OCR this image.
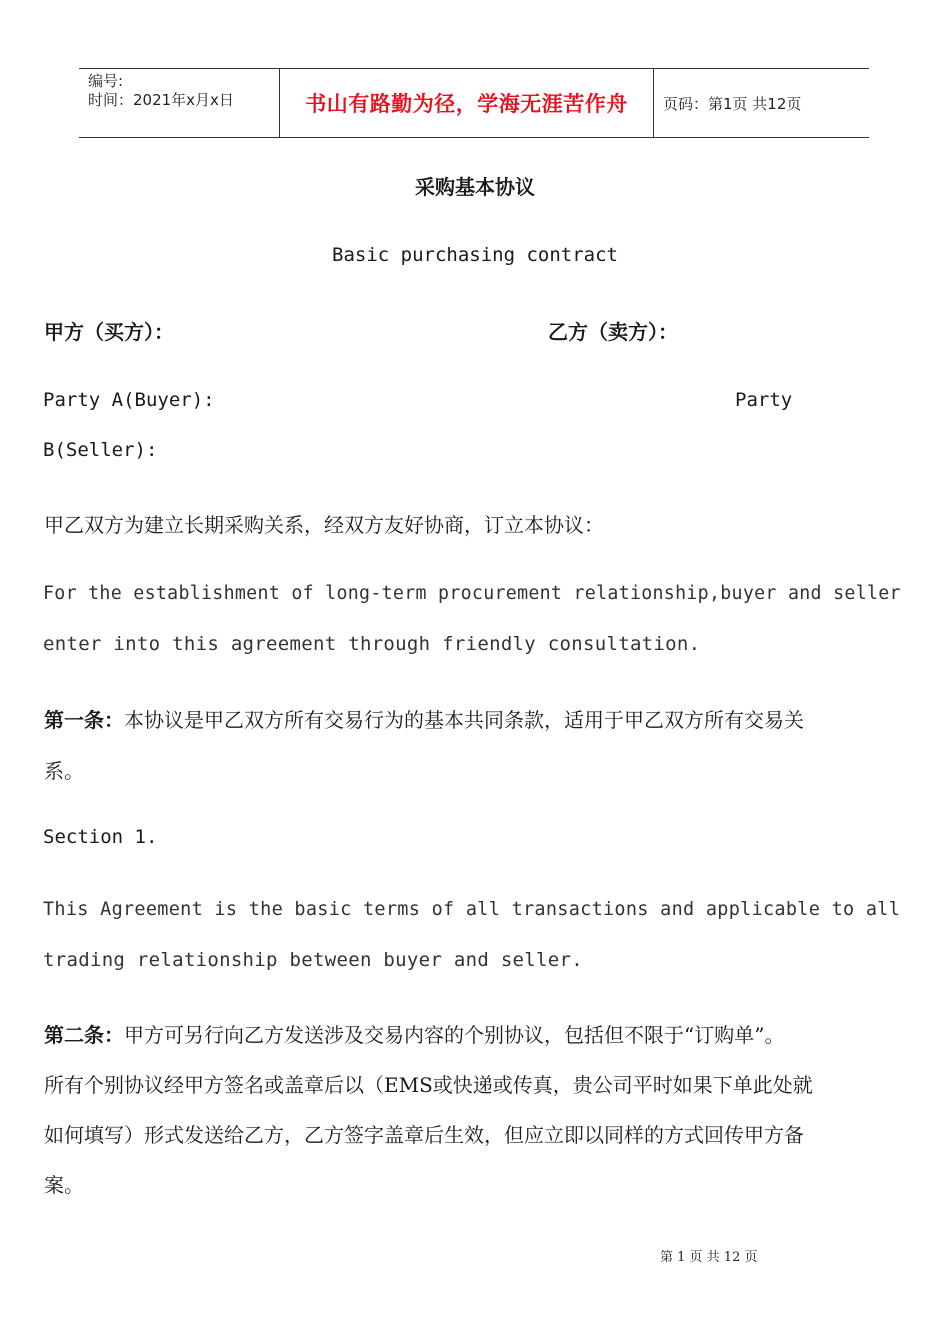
编号:
时间：2021年x月x日	书山有路勤为径，学海无涯苦作舟	页码：第1页 共12页
采购基本协议
Basic purchasing contract
甲方（买方）：	乙方（卖方）：
Party A(Buyer):	Party
B(Seller):
甲乙双方为建立长期采购关系，经双方友好协商，订立本协议：
For the establishment of long-term procurement relationship,buyer and seller
enter into this agreement through friendly consultation.
第一条：本协议是甲乙双方所有交易行为的基本共同条款，适用于甲乙双方所有交易关
系。
Section 1.
This Agreement is the basic terms of all transactions and applicable to all
trading relationship between buyer and seller.
第二条：甲方可另行向乙方发送涉及交易内容的个别协议，包括但不限于“订购单”。
所有个别协议经甲方签名或盖章后以（EMS或快递或传真，贵公司平时如果下单此处就
如何填写）形式发送给乙方，乙方签字盖章后生效，但应立即以同样的方式回传甲方备
案。
第 1 页 共 12 页
